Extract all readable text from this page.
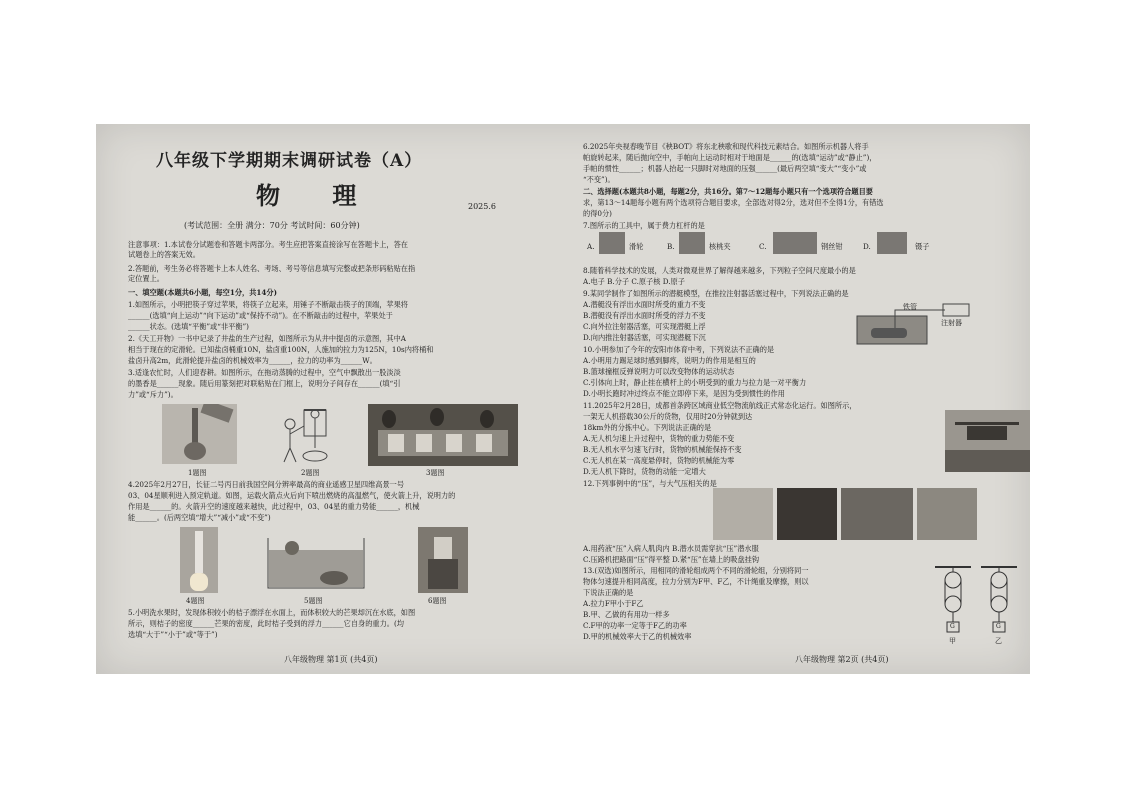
八年级下学期期末调研试卷（A）
物 理	2025.6
(考试范围：全册 满分：70分 考试时间：60分钟)
注意事项：1.本试卷分试题卷和答题卡两部分。考生应把答案直接涂写在答题卡上，答在
试题卷上的答案无效。
2.答题前，考生务必将答题卡上本人姓名、考场、考号等信息填写完整或把条形码粘贴在指
定位置上。
一、填空题(本题共6小题，每空1分，共14分)
1.如图所示，小明把筷子穿过苹果，将筷子立起来，用锤子不断敲击筷子的顶端，苹果将
______(选填“向上运动”“向下运动”或“保持不动”)。在不断敲击的过程中，苹果处于
______状态。(选填“平衡”或“非平衡”)
2.《天工开物》一书中记录了井盐的生产过程，如图所示为从井中提卤的示意图，其中A
相当于现在的定滑轮。已知盐卤桶重10N，盐卤重100N，人施加的拉力为125N，10s内将桶和
盐卤升高2m，此滑轮提升盐卤的机械效率为______，拉力的功率为______W。
3.适逢农忙时，人们迎春耕。如图所示，在拖动蒸腾的过程中，空气中飘散出一股淡淡
的墨香是______现象。随后用篆刻把对联粘贴在门框上，说明分子间存在______(填“引
力”或“斥力”)。
1题图	2题图	3题图
4.2025年2月27日，长征二号丙日前我国空间分辨率最高的商业遥感卫星四维高景一号
03、04星顺利进入预定轨道。如图，运载火箭点火后向下喷出燃烧的高温燃气，使火箭上升，说明力的
作用是______的。火箭升空的速度越来越快，此过程中，03、04星的重力势能______，机械
能______。(后两空填“增大”“减小”或“不变”)
4题图	5题图	6题图
5.小明洗水果时，发现体积较小的桔子漂浮在水面上，而体积较大的芒果却沉在水底，如图
所示，则桔子的密度______芒果的密度，此时桔子受到的浮力______它自身的重力。(均
选填“大于”“小于”或“等于”)
八年级物理 第1页 (共4页)
6.2025年央视春晚节目《秧BOT》将东北秧歌和现代科技元素结合。如图所示机器人将手
帕旋转起来，随后抛向空中，手帕向上运动时相对于地面是______的(选填“运动”或“静止”)，
手帕的惯性______；机器人抬起一只脚时对地面的压强______(最后两空填“变大”“变小”或
“不变”)。
二、选择题(本题共8小题，每题2分，共16分。第7～12题每小题只有一个选项符合题目要
求，第13～14题每小题有两个选项符合题目要求，全部选对得2分，选对但不全得1分，有错选
的得0分)
7.图所示的工具中，属于费力杠杆的是
A.	滑轮	B.	核桃夹	C.	钢丝钳	D.	镊子
8.随着科学技术的发展，人类对微观世界了解得越来越多，下列粒子空间尺度最小的是
A.电子 B.分子 C.原子核 D.原子
9.某同学制作了如图所示的潜艇模型，在推拉注射器活塞过程中，下列说法正确的是
A.潜艇没有浮出水面时所受的重力不变
B.潜艇没有浮出水面时所受的浮力不变
C.向外拉注射器活塞，可实现潜艇上浮
D.向内推注射器活塞，可实现潜艇下沉
10.小明参加了今年的安阳市体育中考，下列说法不正确的是
A.小明用力踢足球时感到脚疼，说明力的作用是相互的
B.篮球撞框反弹说明力可以改变物体的运动状态
C.引体向上时，静止挂在横杆上的小明受到的重力与拉力是一对平衡力
D.小明长跑时冲过终点不能立即停下来，是因为受到惯性的作用
11.2025年2月28日，成都首条跨区域商业低空物流航线正式常态化运行。如图所示，
一架无人机搭载30公斤的货物，仅用时20分钟就到达
18km外的分拣中心。下列说法正确的是
A.无人机匀速上升过程中，货物的重力势能不变
B.无人机水平匀速飞行时，货物的机械能保持不变
C.无人机在某一高度悬停时，货物的机械能为零
D.无人机下降时，货物的动能一定增大
12.下列事例中的“压”，与大气压相关的是
铁管
注射器
A.用药液“压”入病人肌肉内 B.潜水员需穿抗“压”潜水服
C.压路机把路面“压”得平整 D.紧“压”在墙上的吸盘挂钩
13.(双选)如图所示，用相同的滑轮组成两个不同的滑轮组，分别将同一
物体匀速提升相同高度，拉力分别为F甲、F乙，不计绳重及摩擦，则以
下说法正确的是
A.拉力F甲小于F乙
B.甲、乙做的有用功一样多
C.F甲的功率一定等于F乙的功率
D.甲的机械效率大于乙的机械效率
G	G
甲	乙
八年级物理 第2页 (共4页)
